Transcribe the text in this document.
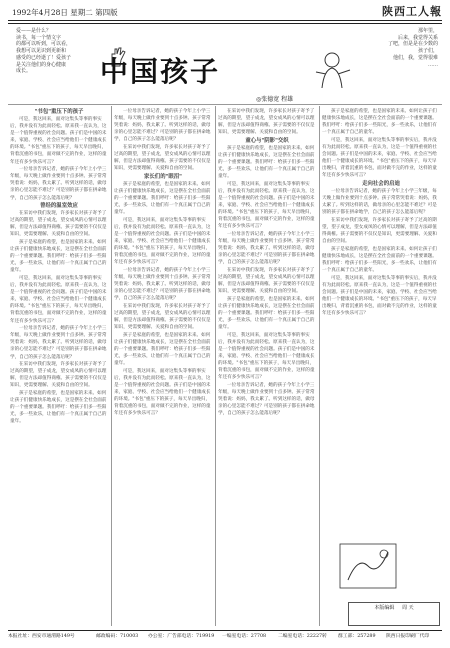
1992年4月28日 星期二 第四版	陕西工人報

爱——是什么？

读书，每一个情文字

的都可以听到，可以看，

我想可以见识到更新和

感受的已经逝了！爱孩子

是关注他们的身心健康

成长。

那年里，

后来，我觉得关系

了吧，但是是在少数的

孩子们，

他们，我，觉得很难

……

中国孩子
◎张德宽 程雄
"书包"重压下的孩子

可是，我这回来，面对这集头等事的事实后，我并没有为此而轻松。原来我一直认为，这是一个值得重视的社会问题。孩子们是中国的未来，家庭、学校、社会应当给他们一个健康成长的环境。"书包"重压下的孩子，每天早出晚归，背着沉重的书包，面对做不完的作业，这样的童年还有多少快乐可言？

一位母亲告诉记者，她的孩子今年上小学三年级，每天晚上做作业要到十点多钟。孩子常常哭着说：妈妈，我太累了。听到这样的话，做母亲的心里怎能不难过？可是别的孩子都在拼命地学，自己的孩子怎么能落后呢？

曾经的温室效应

在采访中我们发现，许多家长对孩子寄予了过高的期望，望子成龙，望女成凤的心情可以理解，但是方法却值得商榷。孩子需要的不仅仅是知识，更需要理解、关爱和自由的空间。

孩子是家庭的希望，也是国家的未来。如何让孩子们健康快乐地成长，这是摆在全社会面前的一个重要课题。我们呼吁：给孩子们多一些阳光，多一些欢乐，让他们有一个真正属于自己的童年。

可是，我这回来，面对这集头等事的事实后，我并没有为此而轻松。原来我一直认为，这是一个值得重视的社会问题。孩子们是中国的未来，家庭、学校、社会应当给他们一个健康成长的环境。"书包"重压下的孩子，每天早出晚归，背着沉重的书包，面对做不完的作业，这样的童年还有多少快乐可言？

一位母亲告诉记者，她的孩子今年上小学三年级，每天晚上做作业要到十点多钟。孩子常常哭着说：妈妈，我太累了。听到这样的话，做母亲的心里怎能不难过？可是别的孩子都在拼命地学，自己的孩子怎么能落后呢？

在采访中我们发现，许多家长对孩子寄予了过高的期望，望子成龙，望女成凤的心情可以理解，但是方法却值得商榷。孩子需要的不仅仅是知识，更需要理解、关爱和自由的空间。

孩子是家庭的希望，也是国家的未来。如何让孩子们健康快乐地成长，这是摆在全社会面前的一个重要课题。我们呼吁：给孩子们多一些阳光，多一些欢乐，让他们有一个真正属于自己的童年。

一位母亲告诉记者，她的孩子今年上小学三年级，每天晚上做作业要到十点多钟。孩子常常哭着说：妈妈，我太累了。听到这样的话，做母亲的心里怎能不难过？可是别的孩子都在拼命地学，自己的孩子怎么能落后呢？

在采访中我们发现，许多家长对孩子寄予了过高的期望，望子成龙，望女成凤的心情可以理解，但是方法却值得商榷。孩子需要的不仅仅是知识，更需要理解、关爱和自由的空间。

家长们的"眼泪"

孩子是家庭的希望，也是国家的未来。如何让孩子们健康快乐地成长，这是摆在全社会面前的一个重要课题。我们呼吁：给孩子们多一些阳光，多一些欢乐，让他们有一个真正属于自己的童年。

可是，我这回来，面对这集头等事的事实后，我并没有为此而轻松。原来我一直认为，这是一个值得重视的社会问题。孩子们是中国的未来，家庭、学校、社会应当给他们一个健康成长的环境。"书包"重压下的孩子，每天早出晚归，背着沉重的书包，面对做不完的作业，这样的童年还有多少快乐可言？

一位母亲告诉记者，她的孩子今年上小学三年级，每天晚上做作业要到十点多钟。孩子常常哭着说：妈妈，我太累了。听到这样的话，做母亲的心里怎能不难过？可是别的孩子都在拼命地学，自己的孩子怎么能落后呢？

在采访中我们发现，许多家长对孩子寄予了过高的期望，望子成龙，望女成凤的心情可以理解，但是方法却值得商榷。孩子需要的不仅仅是知识，更需要理解、关爱和自由的空间。

孩子是家庭的希望，也是国家的未来。如何让孩子们健康快乐地成长，这是摆在全社会面前的一个重要课题。我们呼吁：给孩子们多一些阳光，多一些欢乐，让他们有一个真正属于自己的童年。

可是，我这回来，面对这集头等事的事实后，我并没有为此而轻松。原来我一直认为，这是一个值得重视的社会问题。孩子们是中国的未来，家庭、学校、社会应当给他们一个健康成长的环境。"书包"重压下的孩子，每天早出晚归，背着沉重的书包，面对做不完的作业，这样的童年还有多少快乐可言？

在采访中我们发现，许多家长对孩子寄予了过高的期望，望子成龙，望女成凤的心情可以理解，但是方法却值得商榷。孩子需要的不仅仅是知识，更需要理解、关爱和自由的空间。

童心与"阴影"交织

孩子是家庭的希望，也是国家的未来。如何让孩子们健康快乐地成长，这是摆在全社会面前的一个重要课题。我们呼吁：给孩子们多一些阳光，多一些欢乐，让他们有一个真正属于自己的童年。

可是，我这回来，面对这集头等事的事实后，我并没有为此而轻松。原来我一直认为，这是一个值得重视的社会问题。孩子们是中国的未来，家庭、学校、社会应当给他们一个健康成长的环境。"书包"重压下的孩子，每天早出晚归，背着沉重的书包，面对做不完的作业，这样的童年还有多少快乐可言？

一位母亲告诉记者，她的孩子今年上小学三年级，每天晚上做作业要到十点多钟。孩子常常哭着说：妈妈，我太累了。听到这样的话，做母亲的心里怎能不难过？可是别的孩子都在拼命地学，自己的孩子怎么能落后呢？

在采访中我们发现，许多家长对孩子寄予了过高的期望，望子成龙，望女成凤的心情可以理解，但是方法却值得商榷。孩子需要的不仅仅是知识，更需要理解、关爱和自由的空间。

孩子是家庭的希望，也是国家的未来。如何让孩子们健康快乐地成长，这是摆在全社会面前的一个重要课题。我们呼吁：给孩子们多一些阳光，多一些欢乐，让他们有一个真正属于自己的童年。

可是，我这回来，面对这集头等事的事实后，我并没有为此而轻松。原来我一直认为，这是一个值得重视的社会问题。孩子们是中国的未来，家庭、学校、社会应当给他们一个健康成长的环境。"书包"重压下的孩子，每天早出晚归，背着沉重的书包，面对做不完的作业，这样的童年还有多少快乐可言？

一位母亲告诉记者，她的孩子今年上小学三年级，每天晚上做作业要到十点多钟。孩子常常哭着说：妈妈，我太累了。听到这样的话，做母亲的心里怎能不难过？可是别的孩子都在拼命地学，自己的孩子怎么能落后呢？

孩子是家庭的希望，也是国家的未来。如何让孩子们健康快乐地成长，这是摆在全社会面前的一个重要课题。我们呼吁：给孩子们多一些阳光，多一些欢乐，让他们有一个真正属于自己的童年。

可是，我这回来，面对这集头等事的事实后，我并没有为此而轻松。原来我一直认为，这是一个值得重视的社会问题。孩子们是中国的未来，家庭、学校、社会应当给他们一个健康成长的环境。"书包"重压下的孩子，每天早出晚归，背着沉重的书包，面对做不完的作业，这样的童年还有多少快乐可言？

走向社会的启迪

一位母亲告诉记者，她的孩子今年上小学三年级，每天晚上做作业要到十点多钟。孩子常常哭着说：妈妈，我太累了。听到这样的话，做母亲的心里怎能不难过？可是别的孩子都在拼命地学，自己的孩子怎么能落后呢？

在采访中我们发现，许多家长对孩子寄予了过高的期望，望子成龙，望女成凤的心情可以理解，但是方法却值得商榷。孩子需要的不仅仅是知识，更需要理解、关爱和自由的空间。

孩子是家庭的希望，也是国家的未来。如何让孩子们健康快乐地成长，这是摆在全社会面前的一个重要课题。我们呼吁：给孩子们多一些阳光，多一些欢乐，让他们有一个真正属于自己的童年。

可是，我这回来，面对这集头等事的事实后，我并没有为此而轻松。原来我一直认为，这是一个值得重视的社会问题。孩子们是中国的未来，家庭、学校、社会应当给他们一个健康成长的环境。"书包"重压下的孩子，每天早出晚归，背着沉重的书包，面对做不完的作业，这样的童年还有多少快乐可言？

本版编辑 周 天
本报社址：西安市通渭路149号	邮政编码：710003 办公室：广告部电话：719919 一编室电话：27708 二编室电话：22227转 群工部：257289 陕西日报印刷厂代印
